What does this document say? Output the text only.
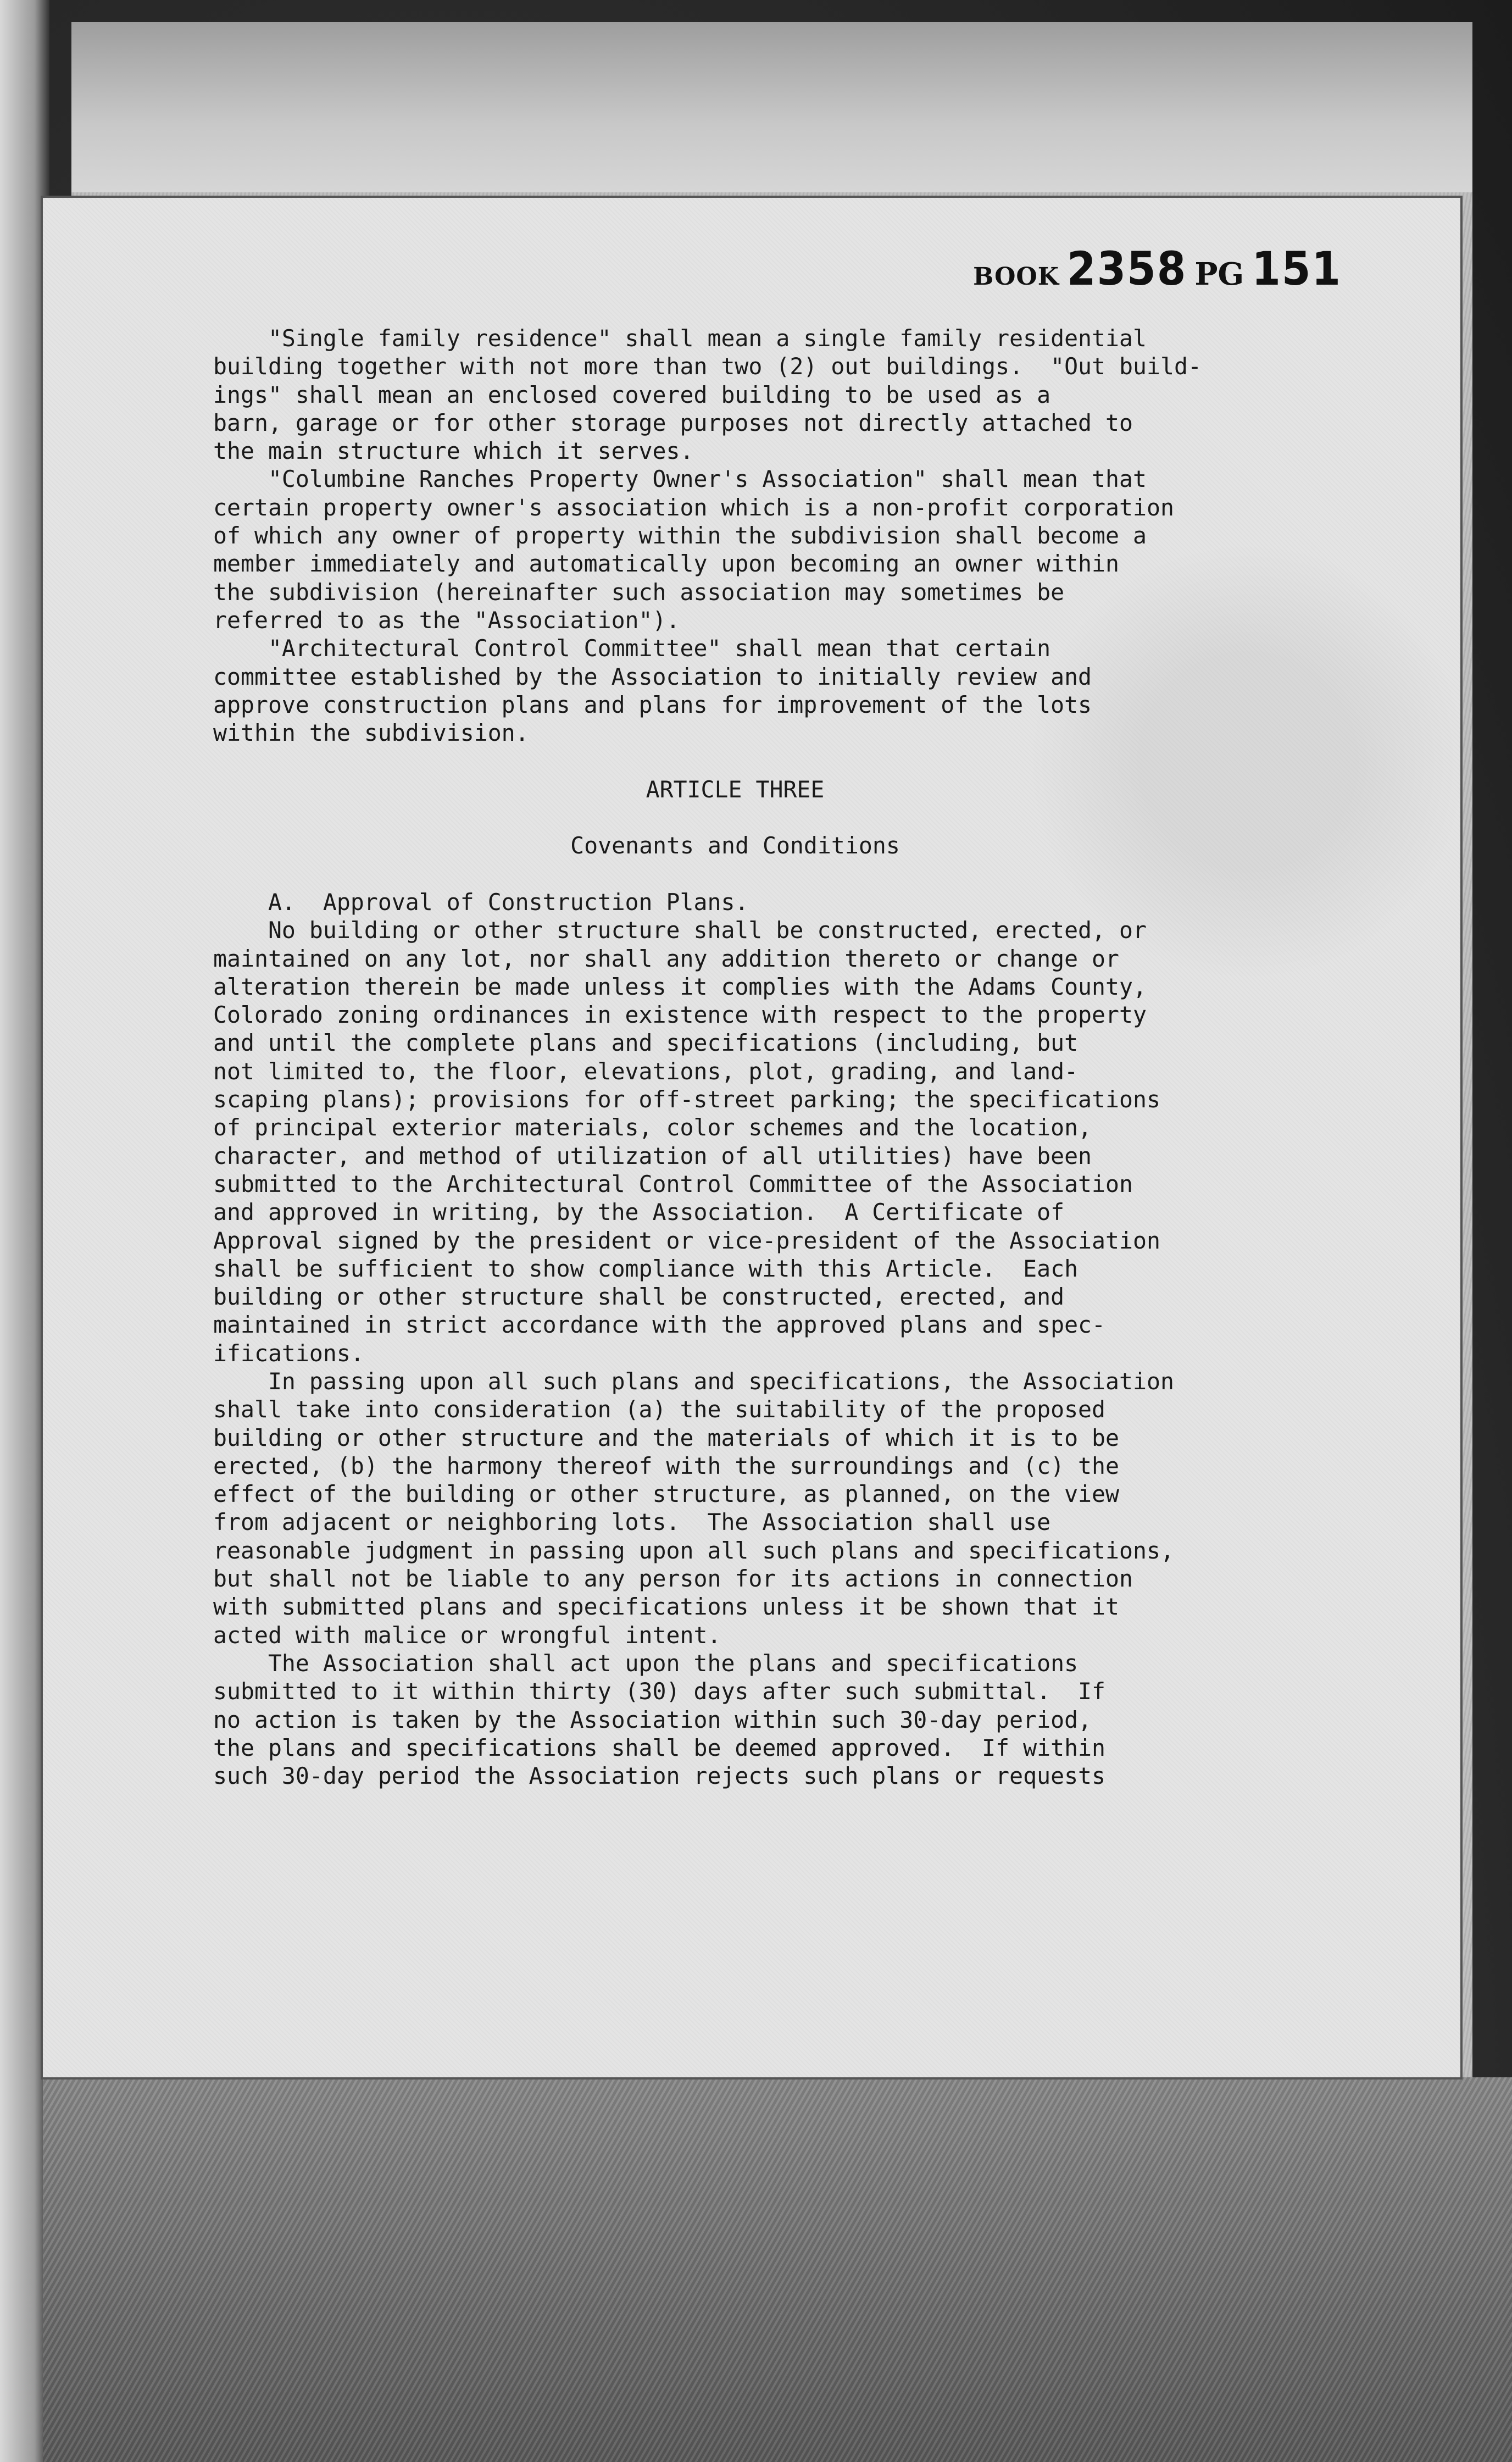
BOOK 2358 PG 151
"Single family residence" shall mean a single family residential
building together with not more than two (2) out buildings.  "Out build-
ings" shall mean an enclosed covered building to be used as a
barn, garage or for other storage purposes not directly attached to
the main structure which it serves.
"Columbine Ranches Property Owner's Association" shall mean that
certain property owner's association which is a non-profit corporation
of which any owner of property within the subdivision shall become a
member immediately and automatically upon becoming an owner within
the subdivision (hereinafter such association may sometimes be
referred to as the "Association").
"Architectural Control Committee" shall mean that certain
committee established by the Association to initially review and
approve construction plans and plans for improvement of the lots
within the subdivision.
ARTICLE THREE
Covenants and Conditions
A.  Approval of Construction Plans.
No building or other structure shall be constructed, erected, or
maintained on any lot, nor shall any addition thereto or change or
alteration therein be made unless it complies with the Adams County,
Colorado zoning ordinances in existence with respect to the property
and until the complete plans and specifications (including, but
not limited to, the floor, elevations, plot, grading, and land-
scaping plans); provisions for off-street parking; the specifications
of principal exterior materials, color schemes and the location,
character, and method of utilization of all utilities) have been
submitted to the Architectural Control Committee of the Association
and approved in writing, by the Association.  A Certificate of
Approval signed by the president or vice-president of the Association
shall be sufficient to show compliance with this Article.  Each
building or other structure shall be constructed, erected, and
maintained in strict accordance with the approved plans and spec-
ifications.
In passing upon all such plans and specifications, the Association
shall take into consideration (a) the suitability of the proposed
building or other structure and the materials of which it is to be
erected, (b) the harmony thereof with the surroundings and (c) the
effect of the building or other structure, as planned, on the view
from adjacent or neighboring lots.  The Association shall use
reasonable judgment in passing upon all such plans and specifications,
but shall not be liable to any person for its actions in connection
with submitted plans and specifications unless it be shown that it
acted with malice or wrongful intent.
The Association shall act upon the plans and specifications
submitted to it within thirty (30) days after such submittal.  If
no action is taken by the Association within such 30-day period,
the plans and specifications shall be deemed approved.  If within
such 30-day period the Association rejects such plans or requests
